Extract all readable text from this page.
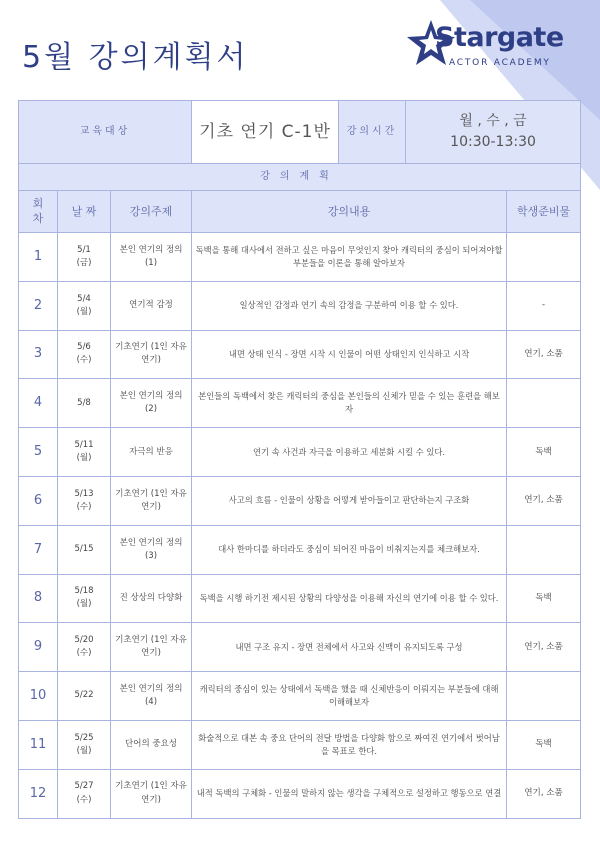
5월 강의계획서
Stargate
ACTOR ACADEMY
교육대상	기초 연기 C-1반	강의시간	
월 , 수 , 금
10:30-13:30

강의계획

회
차
	날 짜	강의주제	강의내용	학생준비물
1	5/1
(금)
	본인 연기의 정의(1)	독백을 통해 대사에서 전하고 싶은 마음이 무엇인지 찾아 캐릭터의 중심이 되어져야할 부분들을 이론을 통해 알아보자	
2	5/4
(월)
	연기적 감정	일상적인 감정과 연기 속의 감정을 구분하여 이용 할 수 있다.	-
3	5/6
(수)
	기초연기 (1인 자유연기)	내면 상태 인식 - 장면 시작 시 인물이 어떤 상태인지 인식하고 시작	연기, 소품
4	5/8
	본인 연기의 정의(2)	본인들의 독백에서 찾은 캐릭터의 중심을 본인들의 신체가 믿을 수 있는 훈련을 해보자	
5	5/11
(월)
	자극의 반응	연기 속 사건과 자극을 이용하고 세분화 시킬 수 있다.	독백
6	5/13
(수)
	기초연기 (1인 자유연기)	사고의 흐름 - 인물이 상황을 어떻게 받아들이고 판단하는지 구조화	연기, 소품
7	5/15
	본인 연기의 정의(3)	대사 한마디를 하더라도 중심이 되어진 마음이 비춰지는지를 체크해보자.	
8	5/18
(월)
	진 상상의 다양화	독백을 시행 하기전 제시된 상황의 다양성을 이용해 자신의 연기에 이용 할 수 있다.	독백
9	5/20
(수)
	기초연기 (1인 자유연기)	내면 구조 유지 - 장면 전체에서 사고와 신맥이 유지되도록 구성	연기, 소품
10	5/22
	본인 연기의 정의(4)	캐릭터의 중심이 있는 상태에서 독백을 했을 때 신체반응이 이뤄지는 부분들에 대해 이해해보자	
11	5/25
(월)
	단어의 중요성	화술적으로 대본 속 중요 단어의 전달 방법을 다양화 함으로 짜여진 연기에서 벗어남을 목표로 한다.	독백
12	5/27
(수)
	기초연기 (1인 자유연기)	내적 독백의 구체화 - 인물의 말하지 않는 생각을 구체적으로 설정하고 행동으로 연결	연기, 소품
